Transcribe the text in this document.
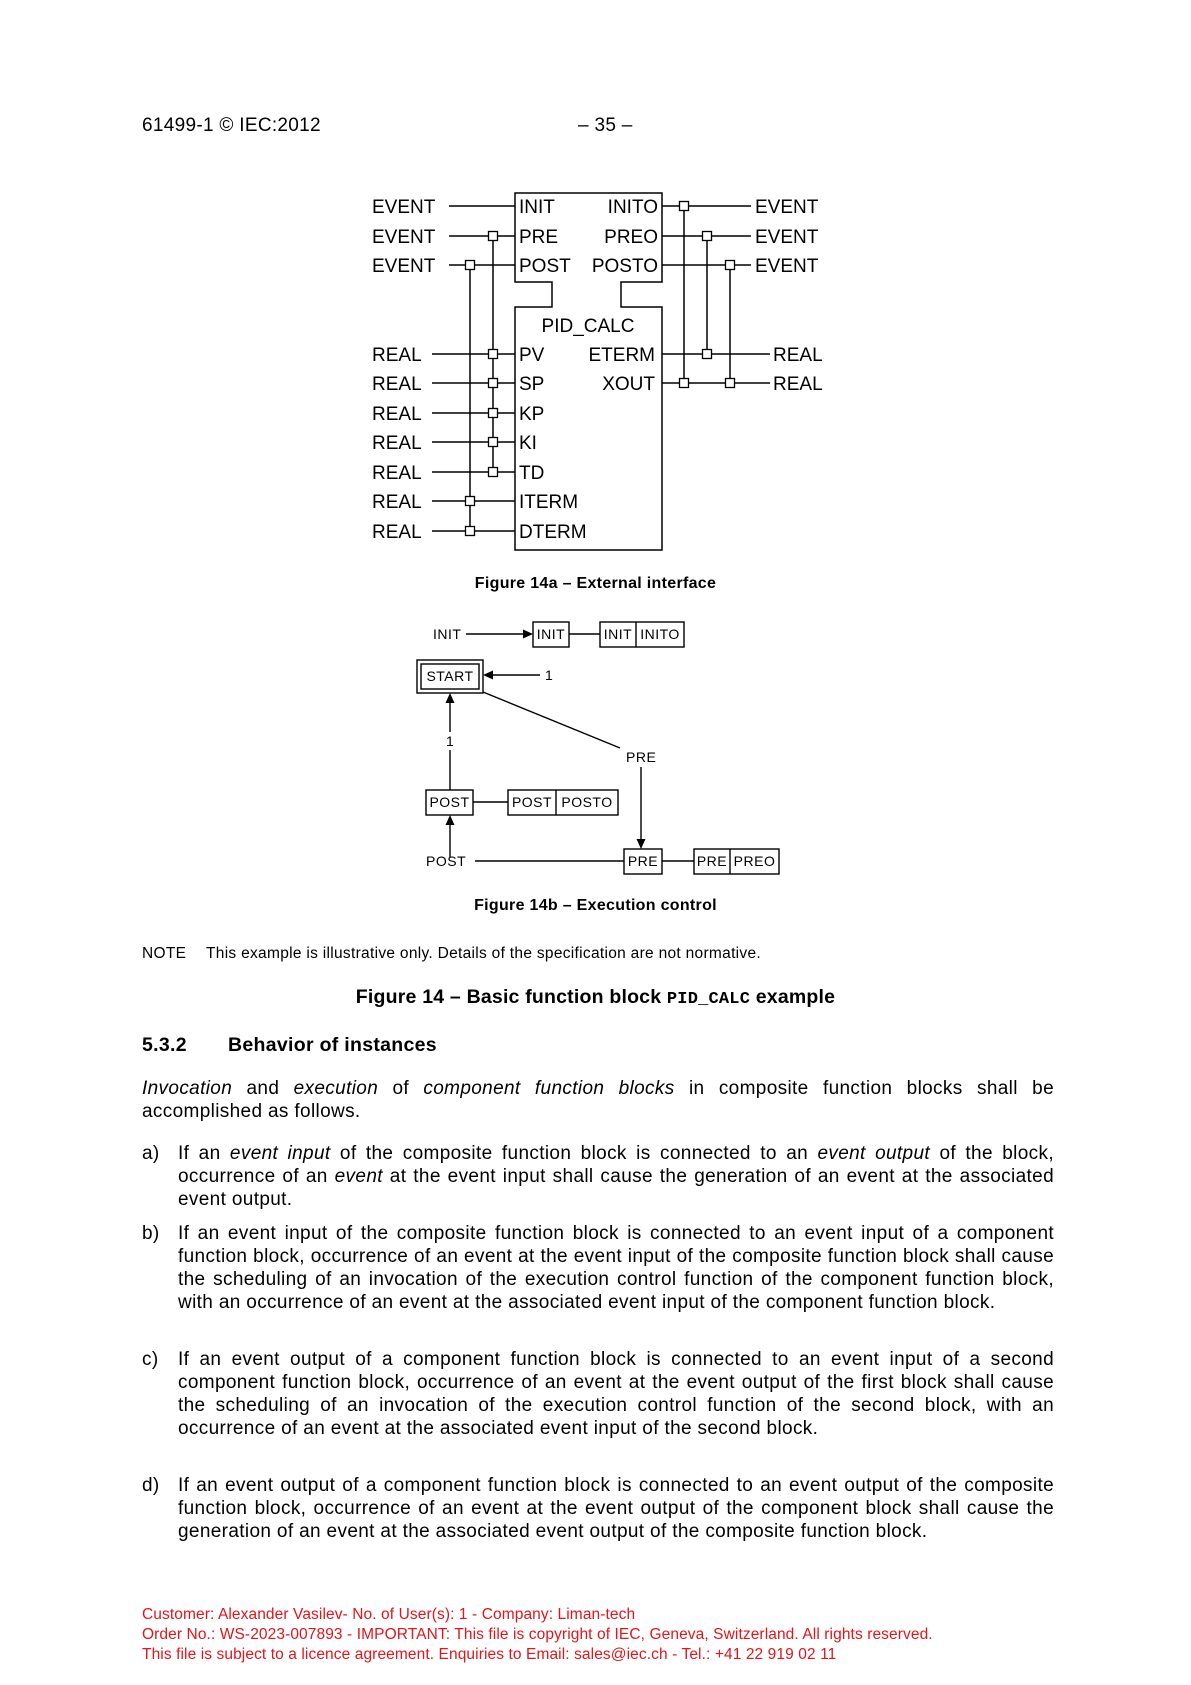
61499-1 © IEC:2012	– 35 –
EVENT
EVENT
EVENT
INIT
PRE
POST
INITO
PREO
POSTO
EVENT
EVENT
EVENT
PID_CALC
REAL
REAL
REAL
REAL
REAL
REAL
REAL
PV
SP
KP
KI
TD
ITERM
DTERM
ETERM
XOUT
REAL
REAL
Figure 14a – External interface
INIT
1
1
PRE
POST
START
INIT
POST
PRE
INIT INITO
POST POSTO
PRE PREO
Figure 14b – Execution control
NOTE This example is illustrative only. Details of the specification are not normative.
Figure 14 – Basic function block PID_CALC example
5.3.2 Behavior of instances
Invocation and execution of component function blocks in composite function blocks shall be accomplished as follows.
a) If an event input of the composite function block is connected to an event output of the block, occurrence of an event at the event input shall cause the generation of an event at the associated event output.
b) If an event input of the composite function block is connected to an event input of a component function block, occurrence of an event at the event input of the composite function block shall cause the scheduling of an invocation of the execution control function of the component function block, with an occurrence of an event at the associated event input of the component function block.
c) If an event output of a component function block is connected to an event input of a second component function block, occurrence of an event at the event output of the first block shall cause the scheduling of an invocation of the execution control function of the second block, with an occurrence of an event at the associated event input of the second block.
d) If an event output of a component function block is connected to an event output of the composite function block, occurrence of an event at the event output of the component block shall cause the generation of an event at the associated event output of the composite function block.
Customer: Alexander Vasilev- No. of User(s): 1 - Company: Liman-tech
Order No.: WS-2023-007893 - IMPORTANT: This file is copyright of IEC, Geneva, Switzerland. All rights reserved.
This file is subject to a licence agreement. Enquiries to Email: sales@iec.ch - Tel.: +41 22 919 02 11
